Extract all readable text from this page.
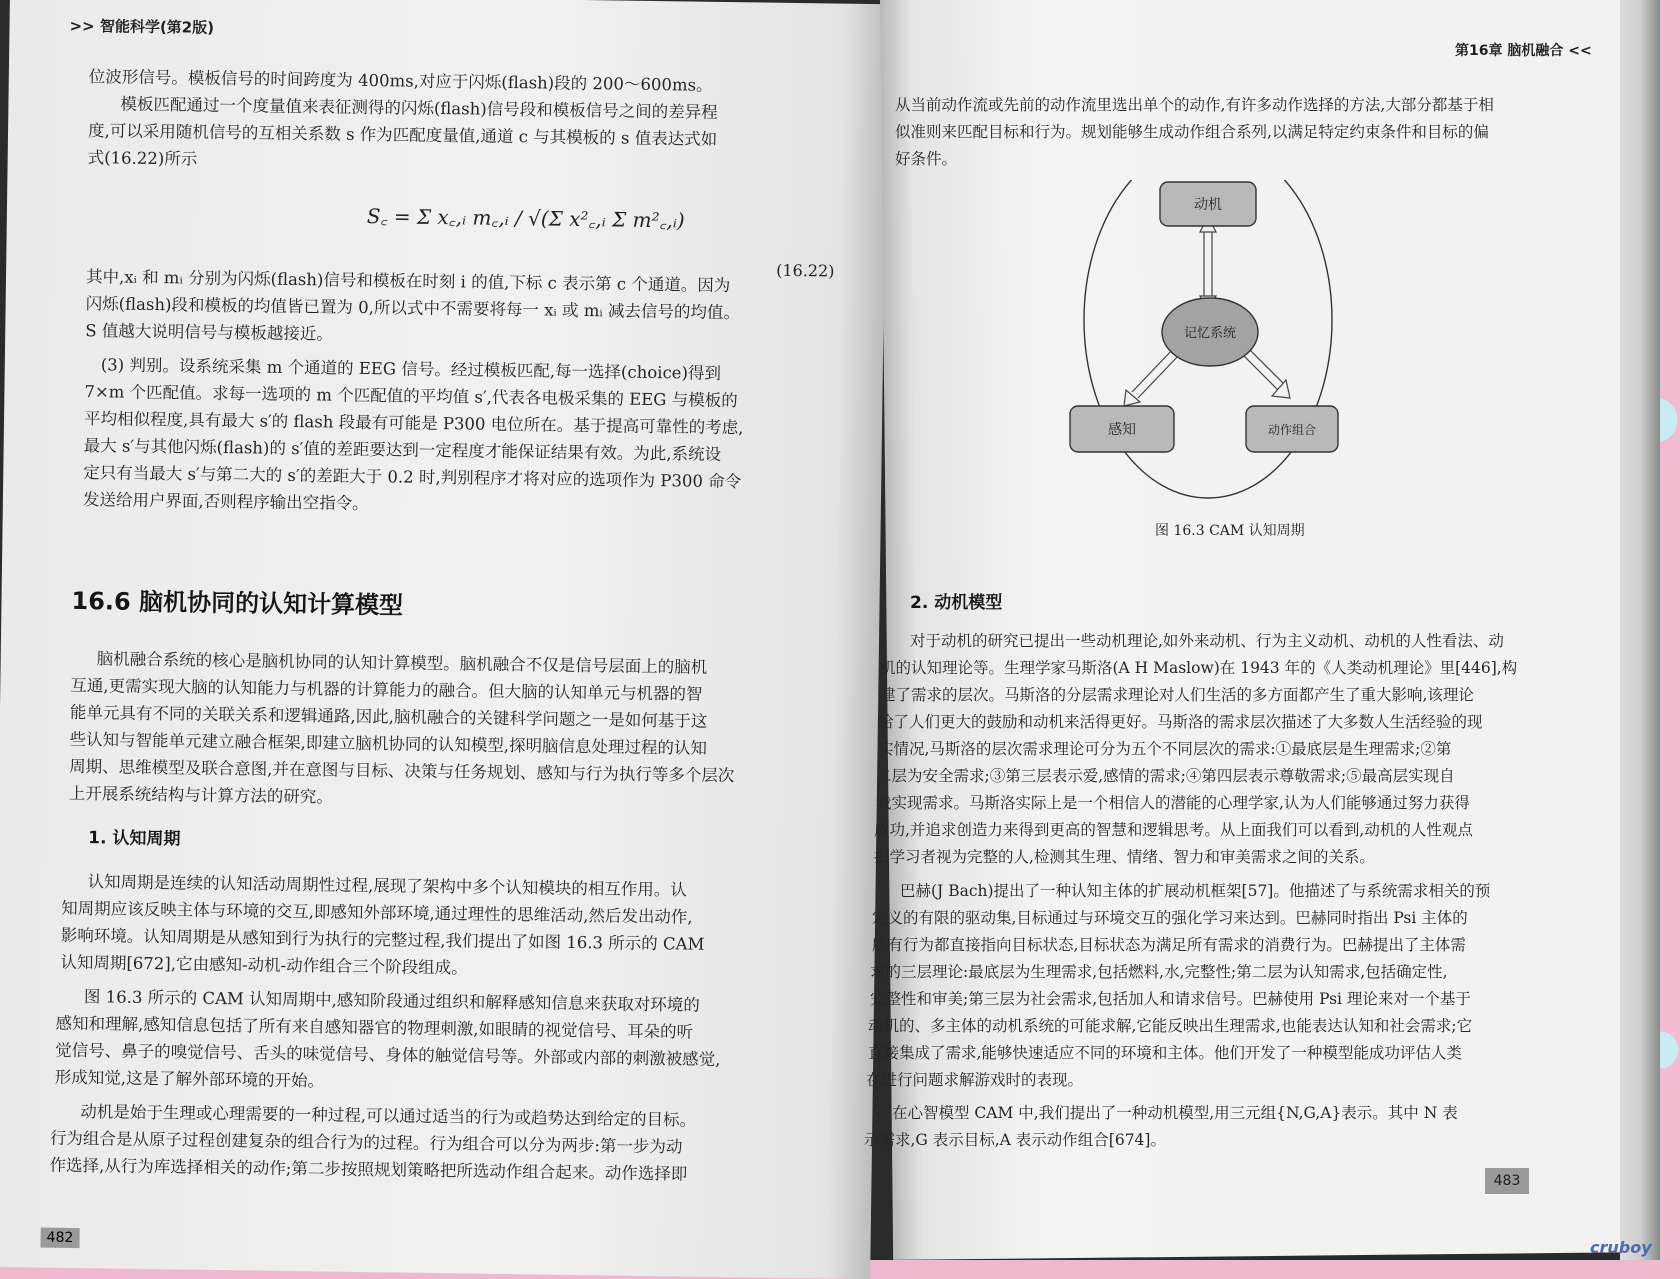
>> 智能科学(第2版)
位波形信号。模板信号的时间跨度为 400ms,对应于闪烁(flash)段的 200～600ms。
模板匹配通过一个度量值来表征测得的闪烁(flash)信号段和模板信号之间的差异程
度,可以采用随机信号的互相关系数 s 作为匹配度量值,通道 c 与其模板的 s 值表达式如
式(16.22)所示
S꜀ = Σ x꜀,ᵢ m꜀,ᵢ / √(Σ x²꜀,ᵢ Σ m²꜀,ᵢ)
(16.22)
其中,xᵢ 和 mᵢ 分别为闪烁(flash)信号和模板在时刻 i 的值,下标 c 表示第 c 个通道。因为
闪烁(flash)段和模板的均值皆已置为 0,所以式中不需要将每一 xᵢ 或 mᵢ 减去信号的均值。
S 值越大说明信号与模板越接近。
(3) 判别。设系统采集 m 个通道的 EEG 信号。经过模板匹配,每一选择(choice)得到
7×m 个匹配值。求每一选项的 m 个匹配值的平均值 s′,代表各电极采集的 EEG 与模板的
平均相似程度,具有最大 s′的 flash 段最有可能是 P300 电位所在。基于提高可靠性的考虑,
最大 s′与其他闪烁(flash)的 s′值的差距要达到一定程度才能保证结果有效。为此,系统设
定只有当最大 s′与第二大的 s′的差距大于 0.2 时,判别程序才将对应的选项作为 P300 命令
发送给用户界面,否则程序输出空指令。
16.6 脑机协同的认知计算模型
脑机融合系统的核心是脑机协同的认知计算模型。脑机融合不仅是信号层面上的脑机
互通,更需实现大脑的认知能力与机器的计算能力的融合。但大脑的认知单元与机器的智
能单元具有不同的关联关系和逻辑通路,因此,脑机融合的关键科学问题之一是如何基于这
些认知与智能单元建立融合框架,即建立脑机协同的认知模型,探明脑信息处理过程的认知
周期、思维模型及联合意图,并在意图与目标、决策与任务规划、感知与行为执行等多个层次
上开展系统结构与计算方法的研究。
1. 认知周期
认知周期是连续的认知活动周期性过程,展现了架构中多个认知模块的相互作用。认
知周期应该反映主体与环境的交互,即感知外部环境,通过理性的思维活动,然后发出动作,
影响环境。认知周期是从感知到行为执行的完整过程,我们提出了如图 16.3 所示的 CAM
认知周期[672],它由感知-动机-动作组合三个阶段组成。
图 16.3 所示的 CAM 认知周期中,感知阶段通过组织和解释感知信息来获取对环境的
感知和理解,感知信息包括了所有来自感知器官的物理刺激,如眼睛的视觉信号、耳朵的听
觉信号、鼻子的嗅觉信号、舌头的味觉信号、身体的触觉信号等。外部或内部的刺激被感觉,
形成知觉,这是了解外部环境的开始。
动机是始于生理或心理需要的一种过程,可以通过适当的行为或趋势达到给定的目标。
行为组合是从原子过程创建复杂的组合行为的过程。行为组合可以分为两步:第一步为动
作选择,从行为库选择相关的动作;第二步按照规划策略把所选动作组合起来。动作选择即
482
第16章 脑机融合 <<
从当前动作流或先前的动作流里选出单个的动作,有许多动作选择的方法,大部分都基于相
似准则来匹配目标和行为。规划能够生成动作组合系列,以满足特定约束条件和目标的偏
好条件。
动机
记忆系统
感知	动作组合
图 16.3 CAM 认知周期
2. 动机模型
对于动机的研究已提出一些动机理论,如外来动机、行为主义动机、动机的人性看法、动
机的认知理论等。生理学家马斯洛(A H Maslow)在 1943 年的《人类动机理论》里[446],构
建了需求的层次。马斯洛的分层需求理论对人们生活的多方面都产生了重大影响,该理论
给了人们更大的鼓励和动机来活得更好。马斯洛的需求层次描述了大多数人生活经验的现
实情况,马斯洛的层次需求理论可分为五个不同层次的需求:①最底层是生理需求;②第
二层为安全需求;③第三层表示爱,感情的需求;④第四层表示尊敬需求;⑤最高层实现自
我实现需求。马斯洛实际上是一个相信人的潜能的心理学家,认为人们能够通过努力获得
成功,并追求创造力来得到更高的智慧和逻辑思考。从上面我们可以看到,动机的人性观点
把学习者视为完整的人,检测其生理、情绪、智力和审美需求之间的关系。
巴赫(J Bach)提出了一种认知主体的扩展动机框架[57]。他描述了与系统需求相关的预
定义的有限的驱动集,目标通过与环境交互的强化学习来达到。巴赫同时指出 Psi 主体的
所有行为都直接指向目标状态,目标状态为满足所有需求的消费行为。巴赫提出了主体需
求的三层理论:最底层为生理需求,包括燃料,水,完整性;第二层为认知需求,包括确定性,
完整性和审美;第三层为社会需求,包括加人和请求信号。巴赫使用 Psi 理论来对一个基于
动机的、多主体的动机系统的可能求解,它能反映出生理需求,也能表达认知和社会需求;它
直接集成了需求,能够快速适应不同的环境和主体。他们开发了一种模型能成功评估人类
在进行问题求解游戏时的表现。
在心智模型 CAM 中,我们提出了一种动机模型,用三元组{N,G,A}表示。其中 N 表
示需求,G 表示目标,A 表示动作组合[674]。
483
cruboy
